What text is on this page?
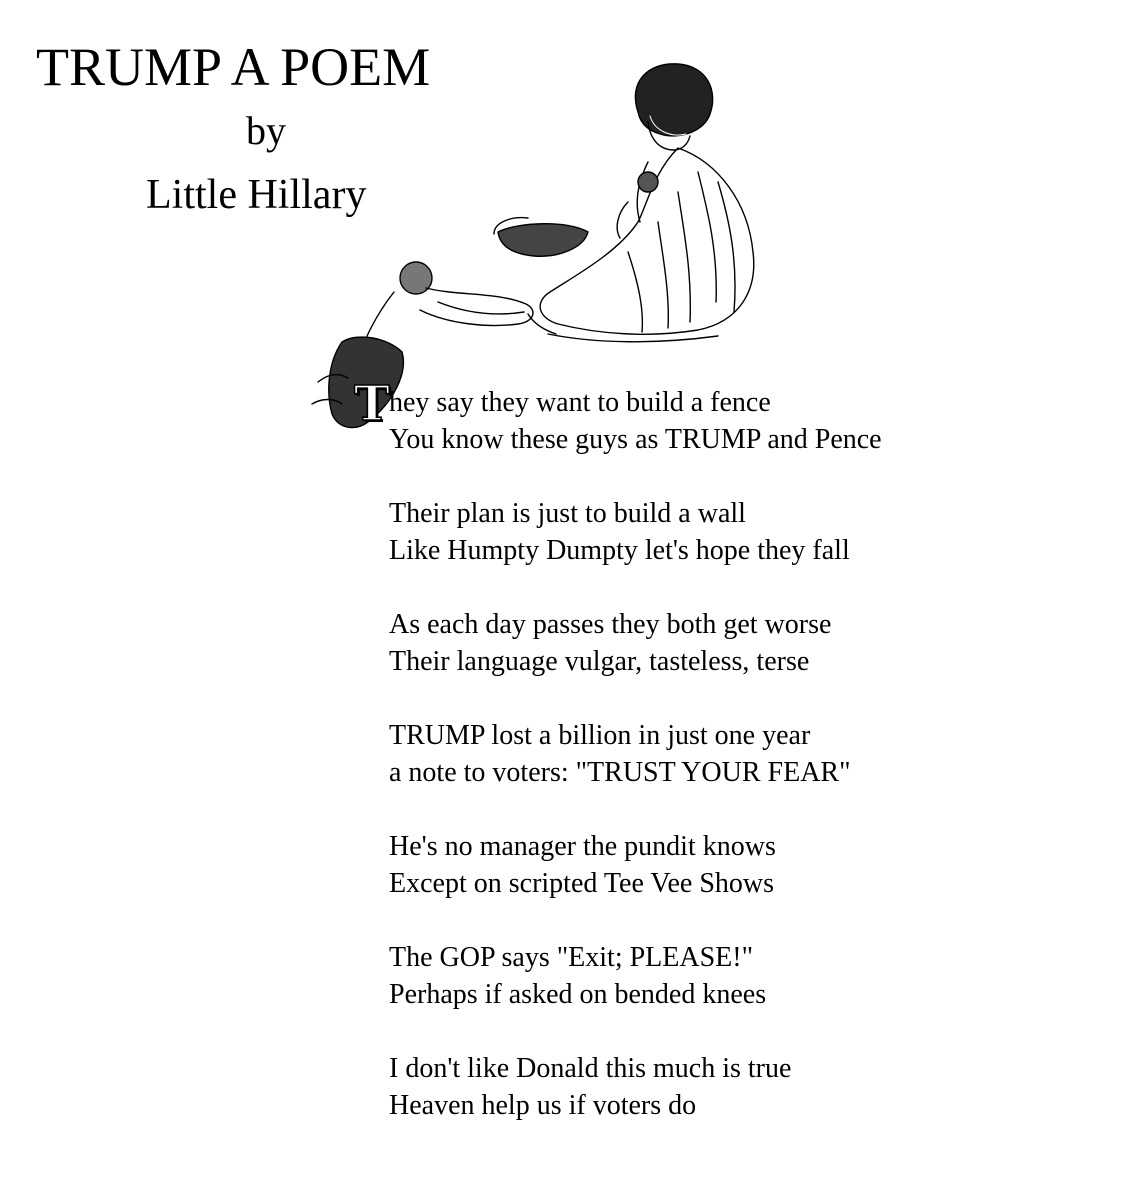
TRUMP A POEM
by
Little Hillary
T hey say they want to build a fence
You know these guys as TRUMP and Pence
Their plan is just to build a wall
Like Humpty Dumpty let's hope they fall
As each day passes they both get worse
Their language vulgar, tasteless, terse
TRUMP lost a billion in just one year
a note to voters: "TRUST YOUR FEAR"
He's no manager the pundit knows
Except on scripted Tee Vee Shows
The GOP says "Exit; PLEASE!"
Perhaps if asked on bended knees
I don't like Donald this much is true
Heaven help us if voters do
